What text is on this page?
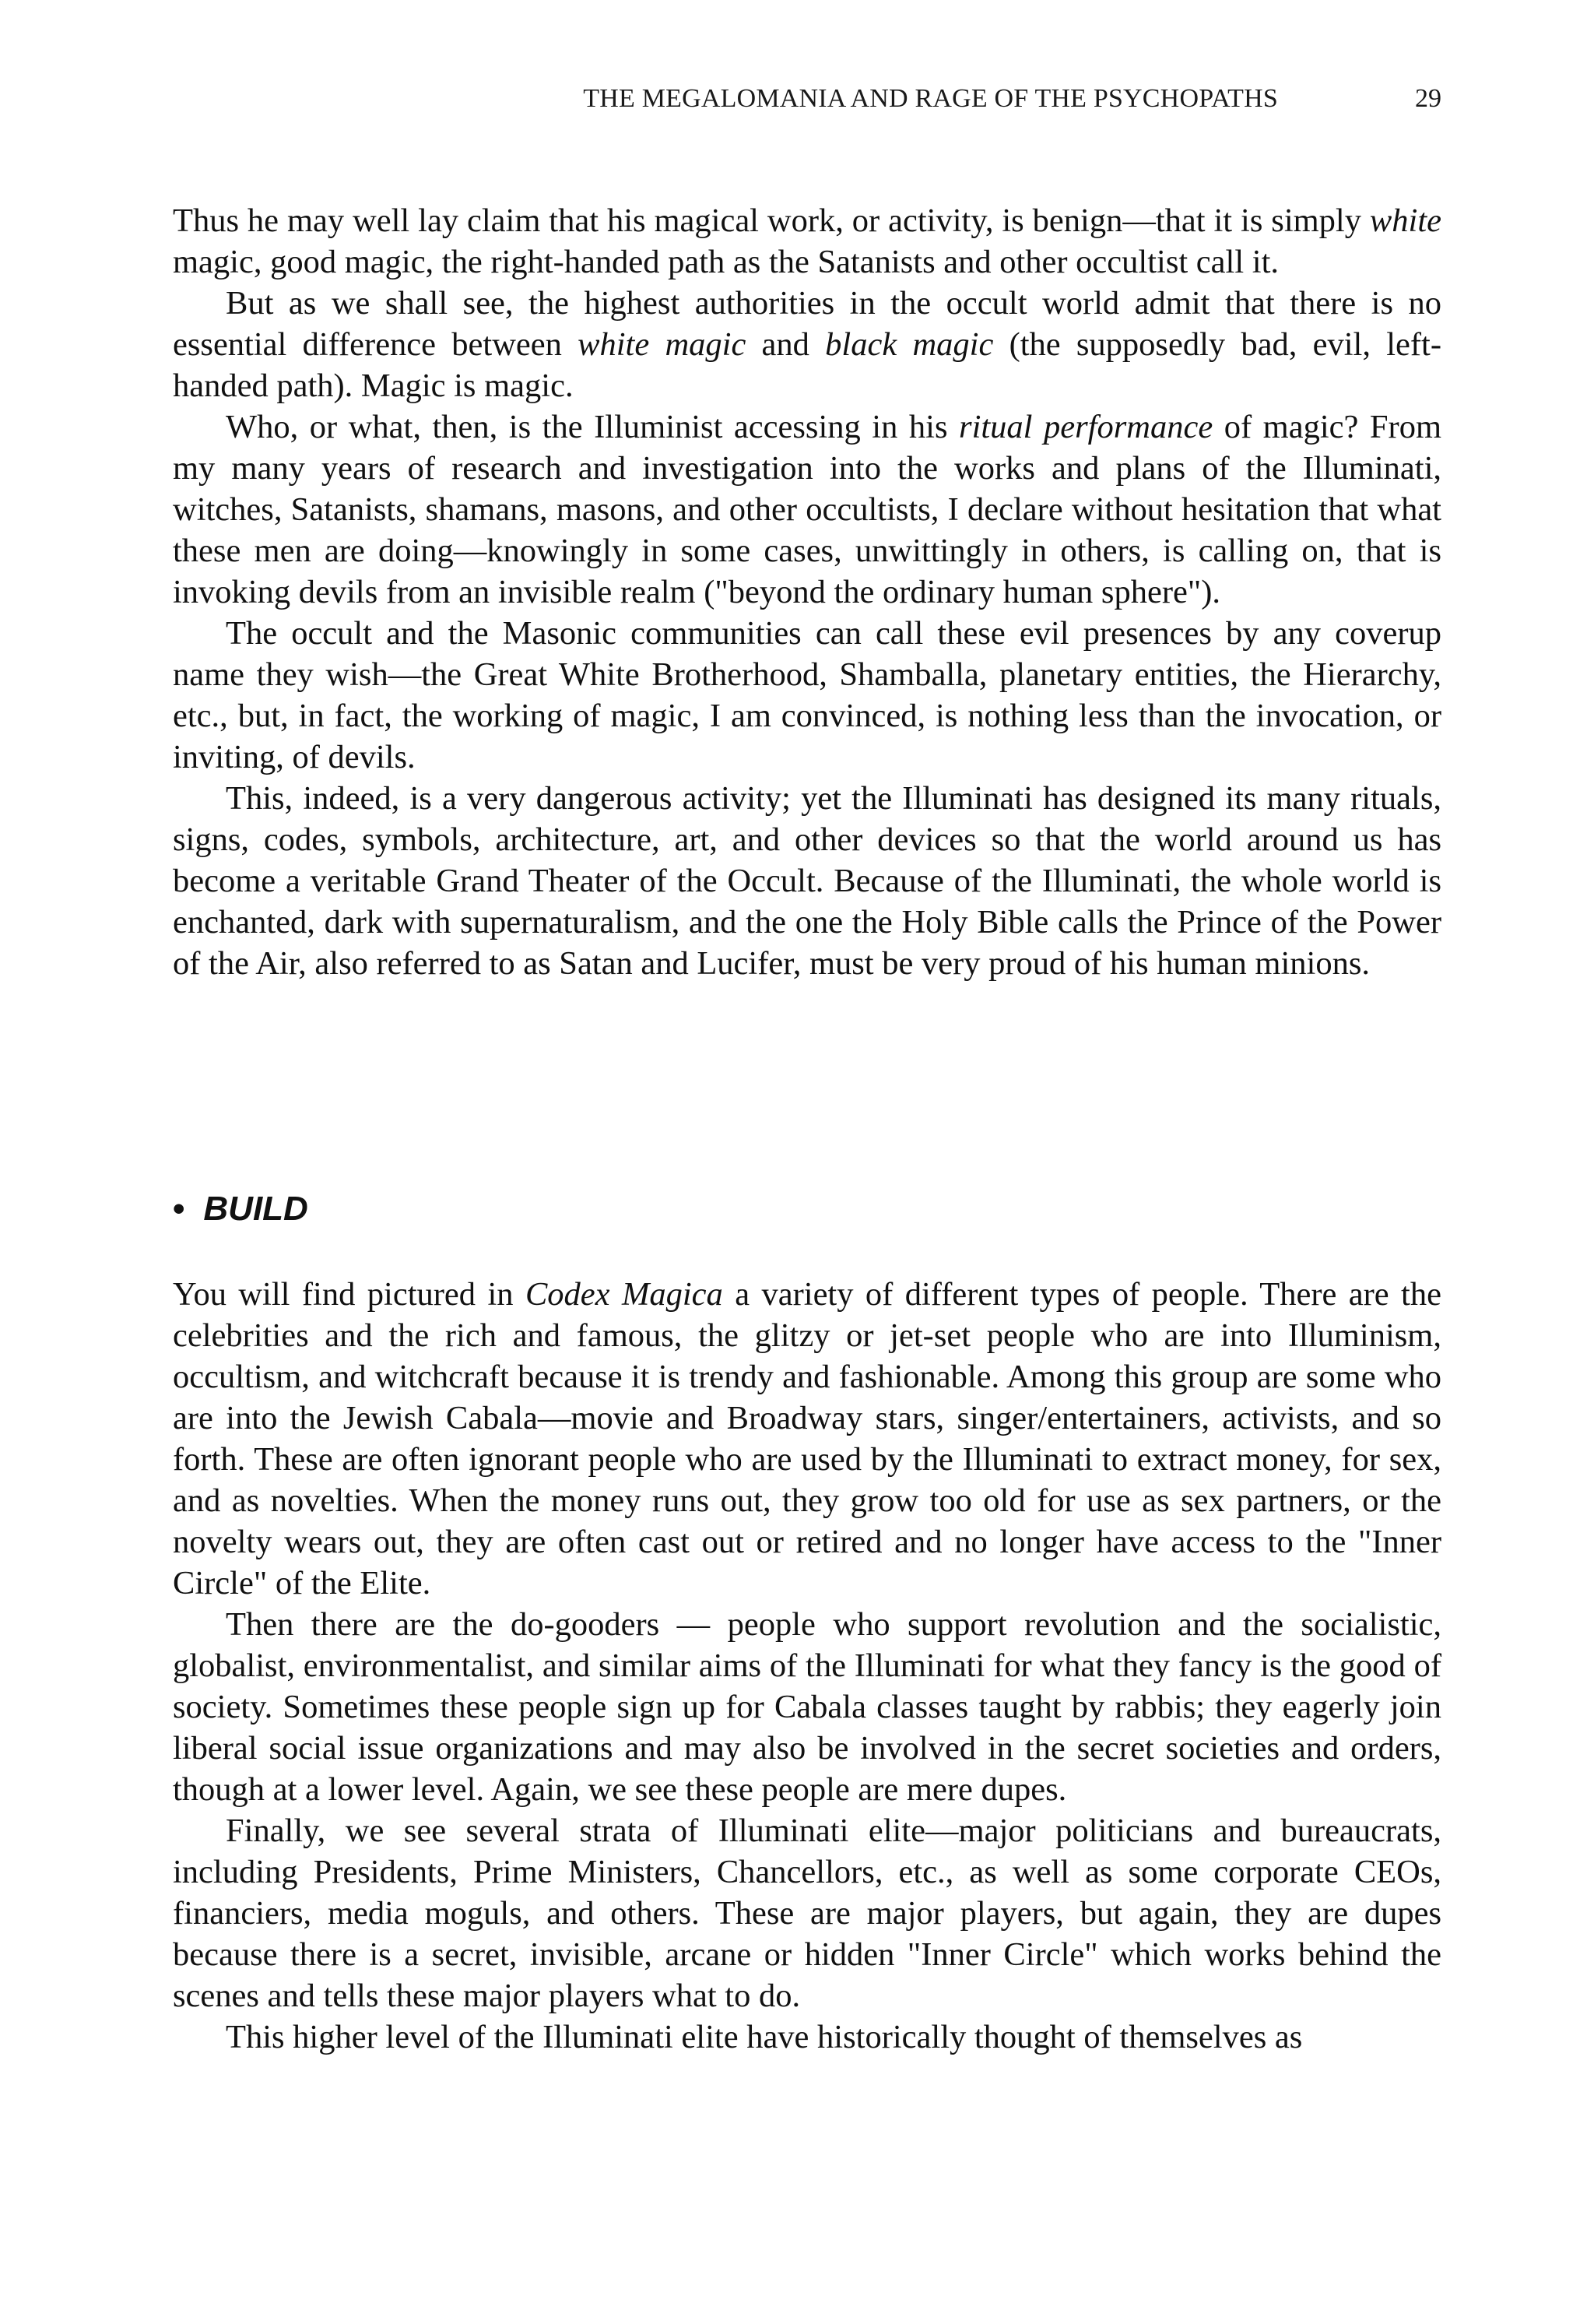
THE MEGALOMANIA AND RAGE OF THE PSYCHOPATHS	29

Thus he may well lay claim that his magical work, or activity, is benign—that it is simply white magic, good magic, the right-handed path as the Satanists and other occultist call it.

But as we shall see, the highest authorities in the occult world admit that there is no essential difference between white magic and black magic (the supposedly bad, evil, left-handed path). Magic is magic.

Who, or what, then, is the Illuminist accessing in his ritual performance of magic? From my many years of research and investigation into the works and plans of the Illuminati, witches, Satanists, shamans, masons, and other occultists, I declare without hesitation that what these men are doing—knowingly in some cases, unwittingly in others, is calling on, that is invoking devils from an invisible realm ("beyond the ordinary human sphere").

The occult and the Masonic communities can call these evil presences by any coverup name they wish—the Great White Brotherhood, Shamballa, planetary entities, the Hierarchy, etc., but, in fact, the working of magic, I am convinced, is nothing less than the invocation, or inviting, of devils.

This, indeed, is a very dangerous activity; yet the Illuminati has designed its many rituals, signs, codes, symbols, architecture, art, and other devices so that the world around us has become a veritable Grand Theater of the Occult. Because of the Illuminati, the whole world is enchanted, dark with supernaturalism, and the one the Holy Bible calls the Prince of the Power of the Air, also referred to as Satan and Lucifer, must be very proud of his human minions.

• BUILD

You will find pictured in Codex Magica a variety of different types of people. There are the celebrities and the rich and famous, the glitzy or jet-set people who are into Illuminism, occultism, and witchcraft because it is trendy and fashionable. Among this group are some who are into the Jewish Cabala—movie and Broadway stars, singer/entertainers, activists, and so forth. These are often ignorant people who are used by the Illuminati to extract money, for sex, and as novelties. When the money runs out, they grow too old for use as sex partners, or the novelty wears out, they are often cast out or retired and no longer have access to the "Inner Circle" of the Elite.

Then there are the do-gooders — people who support revolution and the socialistic, globalist, environmentalist, and similar aims of the Illuminati for what they fancy is the good of society. Sometimes these people sign up for Cabala classes taught by rabbis; they eagerly join liberal social issue organizations and may also be involved in the secret societies and orders, though at a lower level. Again, we see these people are mere dupes.

Finally, we see several strata of Illuminati elite—major politicians and bureaucrats, including Presidents, Prime Ministers, Chancellors, etc., as well as some corporate CEOs, financiers, media moguls, and others. These are major players, but again, they are dupes because there is a secret, invisible, arcane or hidden "Inner Circle" which works behind the scenes and tells these major players what to do.

This higher level of the Illuminati elite have historically thought of themselves as
